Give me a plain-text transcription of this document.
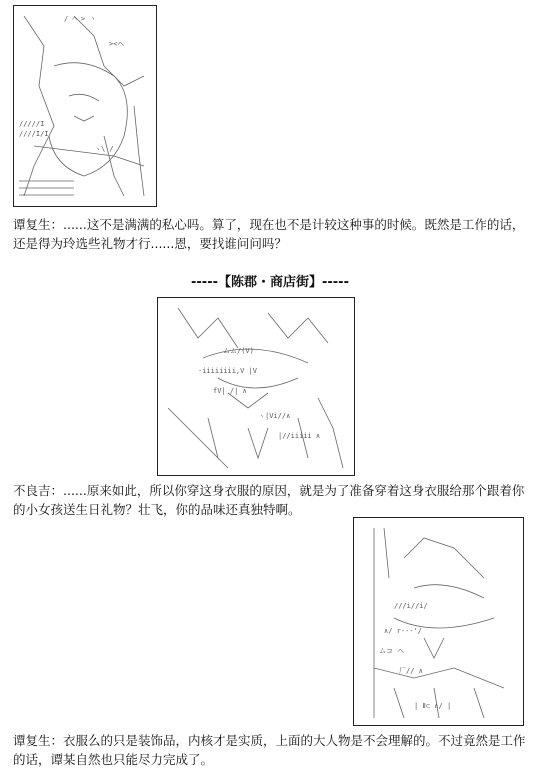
/ ⌒ > 丶
><ヘ
/////I
////I/I
ヽ\ /

谭复生：......这不是满满的私心吗。算了，现在也不是计较这种事的时候。既然是工作的话，还是得为玲选些礼物才行......恩，要找谁问问吗？

-----【陈郡・商店街】-----

ムム/(V)
-iiiiiiii,V |V
fV| /| ∧
ヽ|Vi//∧
|//iiiii ∧

不良吉：......原来如此，所以你穿这身衣服的原因，就是为了准备穿着这身衣服给那个跟着你的小女孩送生日礼物？壮飞，你的品味还真独特啊。

///i//i/
∧/ r---'/
ムコ ヘ
厂// ∧
| Ⅱ⊂ ∧/ |

谭复生：衣服么的只是装饰品，内核才是实质，上面的大人物是不会理解的。不过竟然是工作的话，谭某自然也只能尽力完成了。
